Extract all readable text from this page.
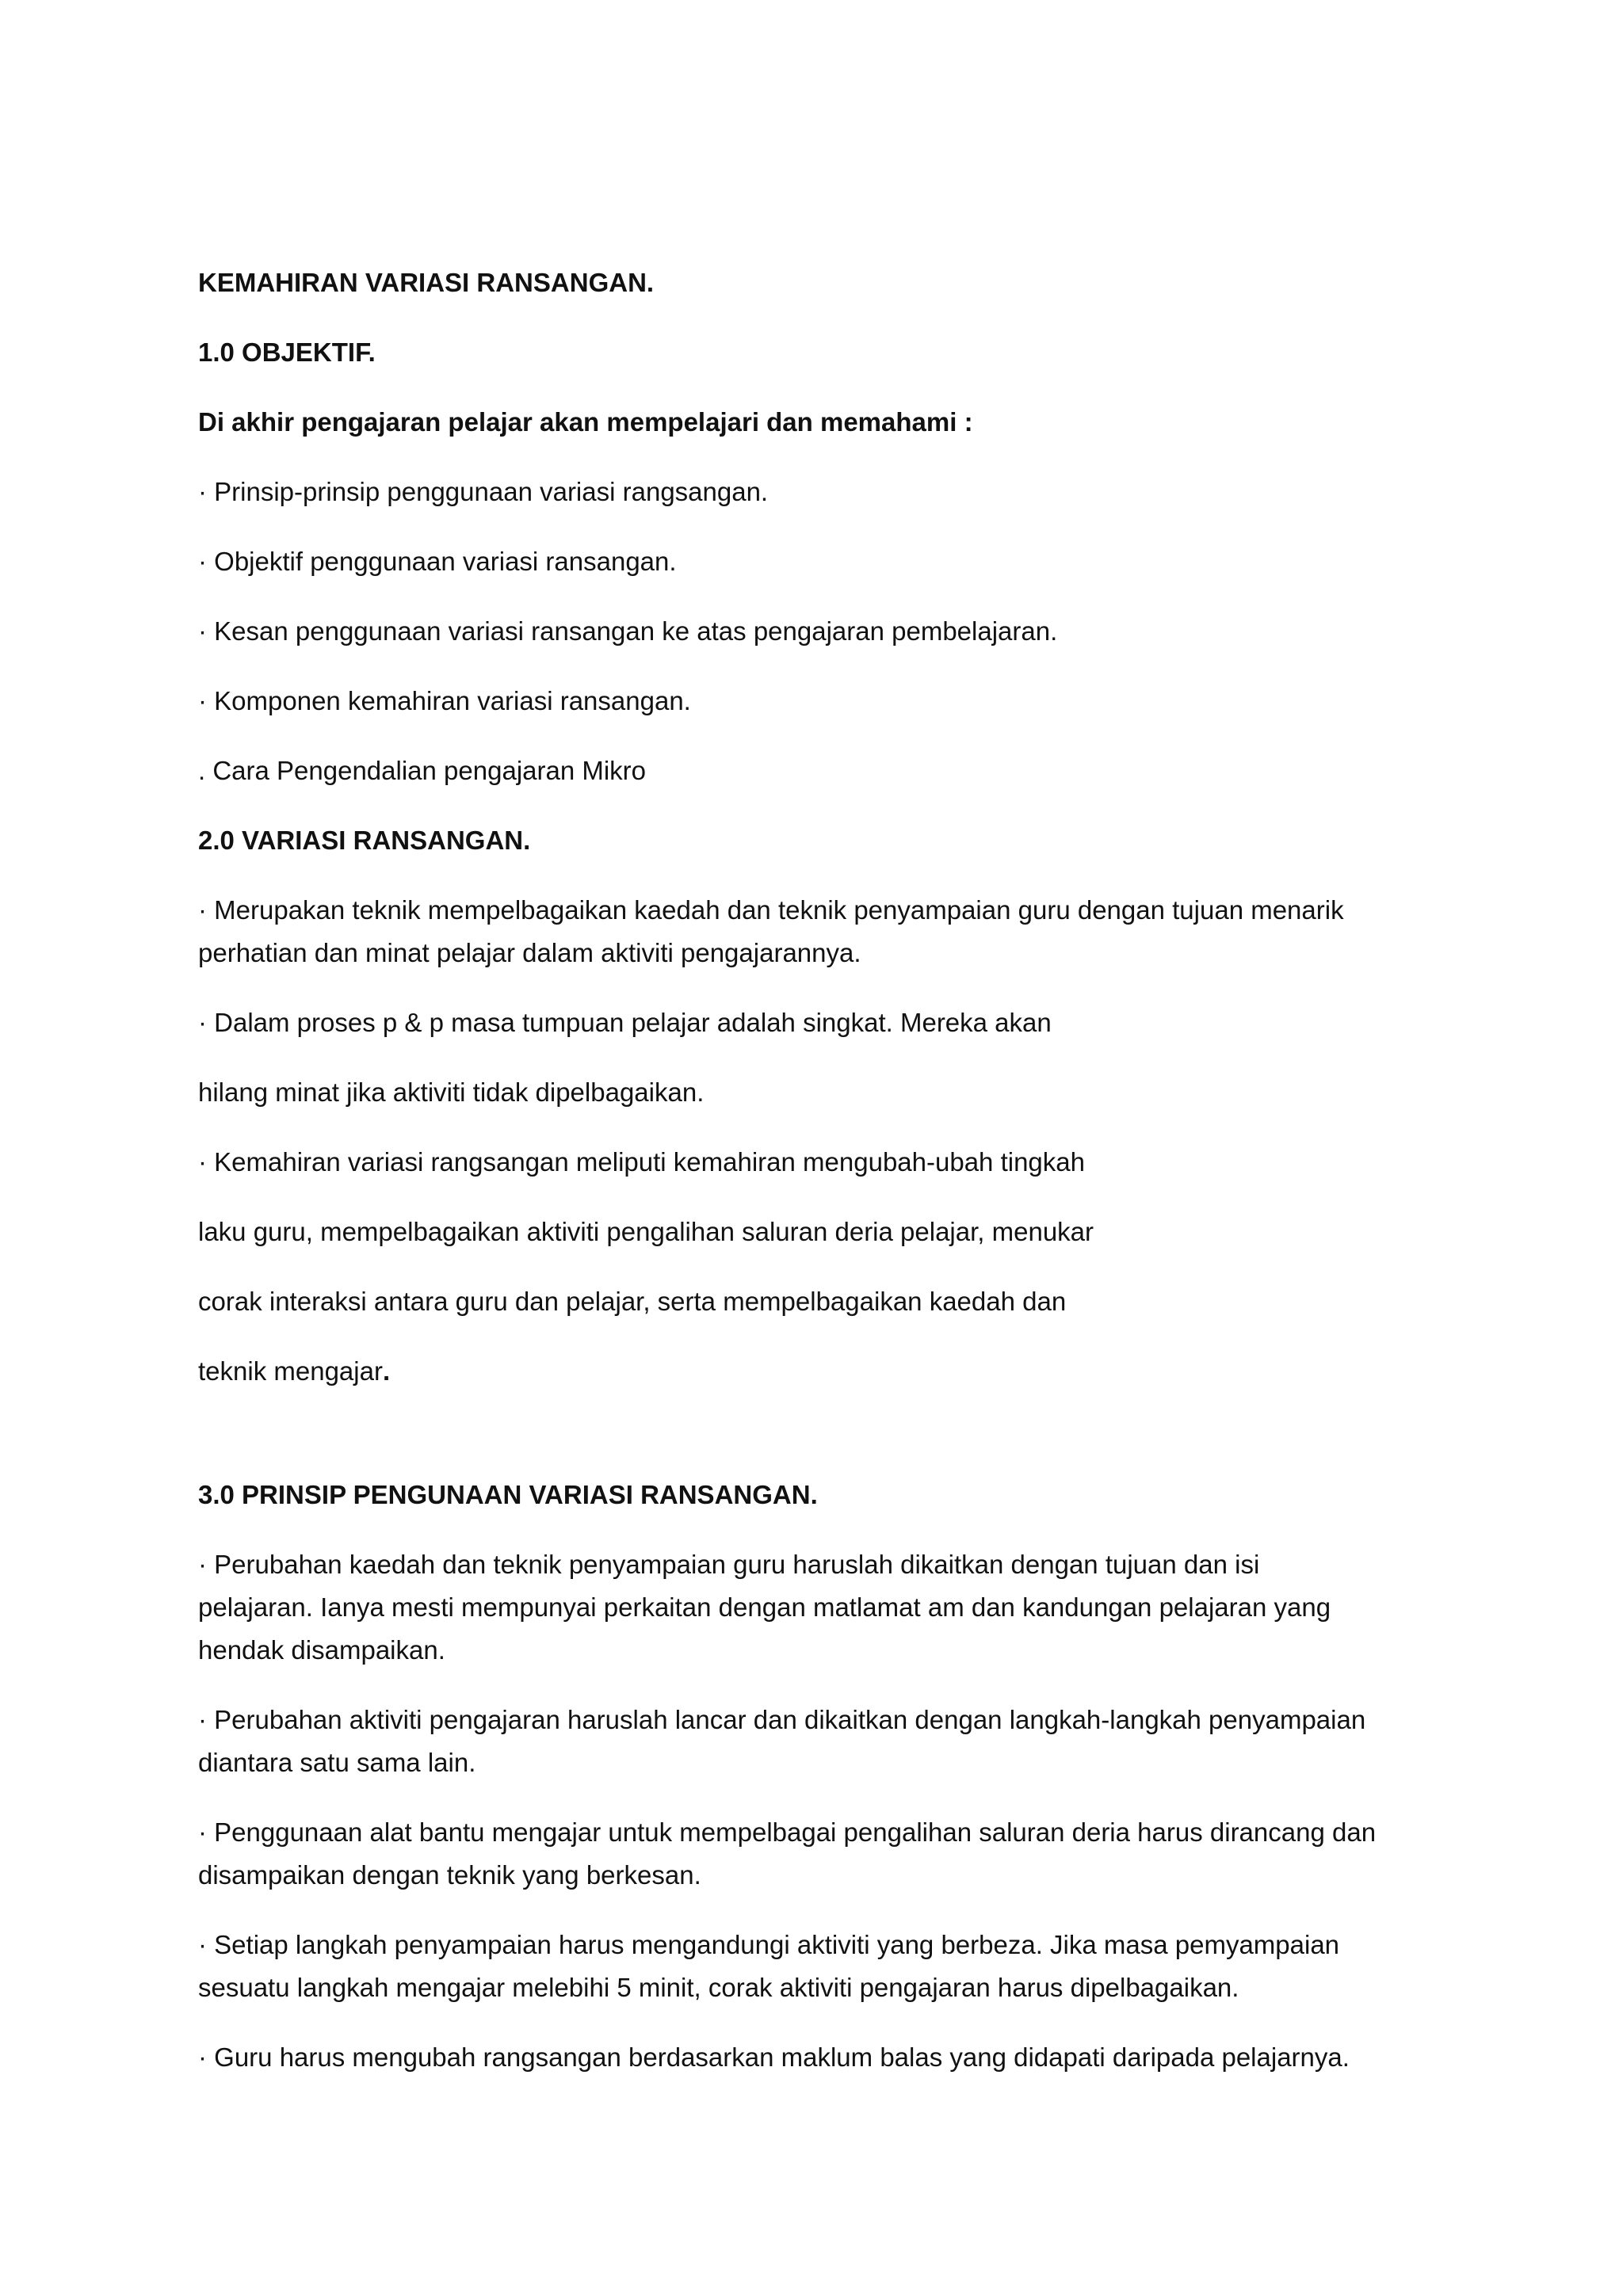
KEMAHIRAN VARIASI RANSANGAN.

1.0 OBJEKTIF.

Di akhir pengajaran pelajar akan mempelajari dan memahami :

· Prinsip-prinsip penggunaan variasi rangsangan.

· Objektif penggunaan variasi ransangan.

· Kesan penggunaan variasi ransangan ke atas pengajaran pembelajaran.

· Komponen kemahiran variasi ransangan.

. Cara Pengendalian pengajaran Mikro

2.0 VARIASI RANSANGAN.

· Merupakan teknik mempelbagaikan kaedah dan teknik penyampaian guru dengan tujuan menarik

perhatian dan minat pelajar dalam aktiviti pengajarannya.

· Dalam proses p & p masa tumpuan pelajar adalah singkat. Mereka akan

hilang minat jika aktiviti tidak dipelbagaikan.

· Kemahiran variasi rangsangan meliputi kemahiran mengubah-ubah tingkah

laku guru, mempelbagaikan aktiviti pengalihan saluran deria pelajar, menukar

corak interaksi antara guru dan pelajar, serta mempelbagaikan kaedah dan

teknik mengajar.

3.0 PRINSIP PENGUNAAN VARIASI RANSANGAN.

· Perubahan kaedah dan teknik penyampaian guru haruslah dikaitkan dengan tujuan dan isi

pelajaran. Ianya mesti mempunyai perkaitan dengan matlamat am dan kandungan pelajaran yang

hendak disampaikan.

· Perubahan aktiviti pengajaran haruslah lancar dan dikaitkan dengan langkah-langkah penyampaian

diantara satu sama lain.

· Penggunaan alat bantu mengajar untuk mempelbagai pengalihan saluran deria harus dirancang dan

disampaikan dengan teknik yang berkesan.

· Setiap langkah penyampaian harus mengandungi aktiviti yang berbeza. Jika masa pemyampaian

sesuatu langkah mengajar melebihi 5 minit, corak aktiviti pengajaran harus dipelbagaikan.

· Guru harus mengubah rangsangan berdasarkan maklum balas yang didapati daripada pelajarnya.
